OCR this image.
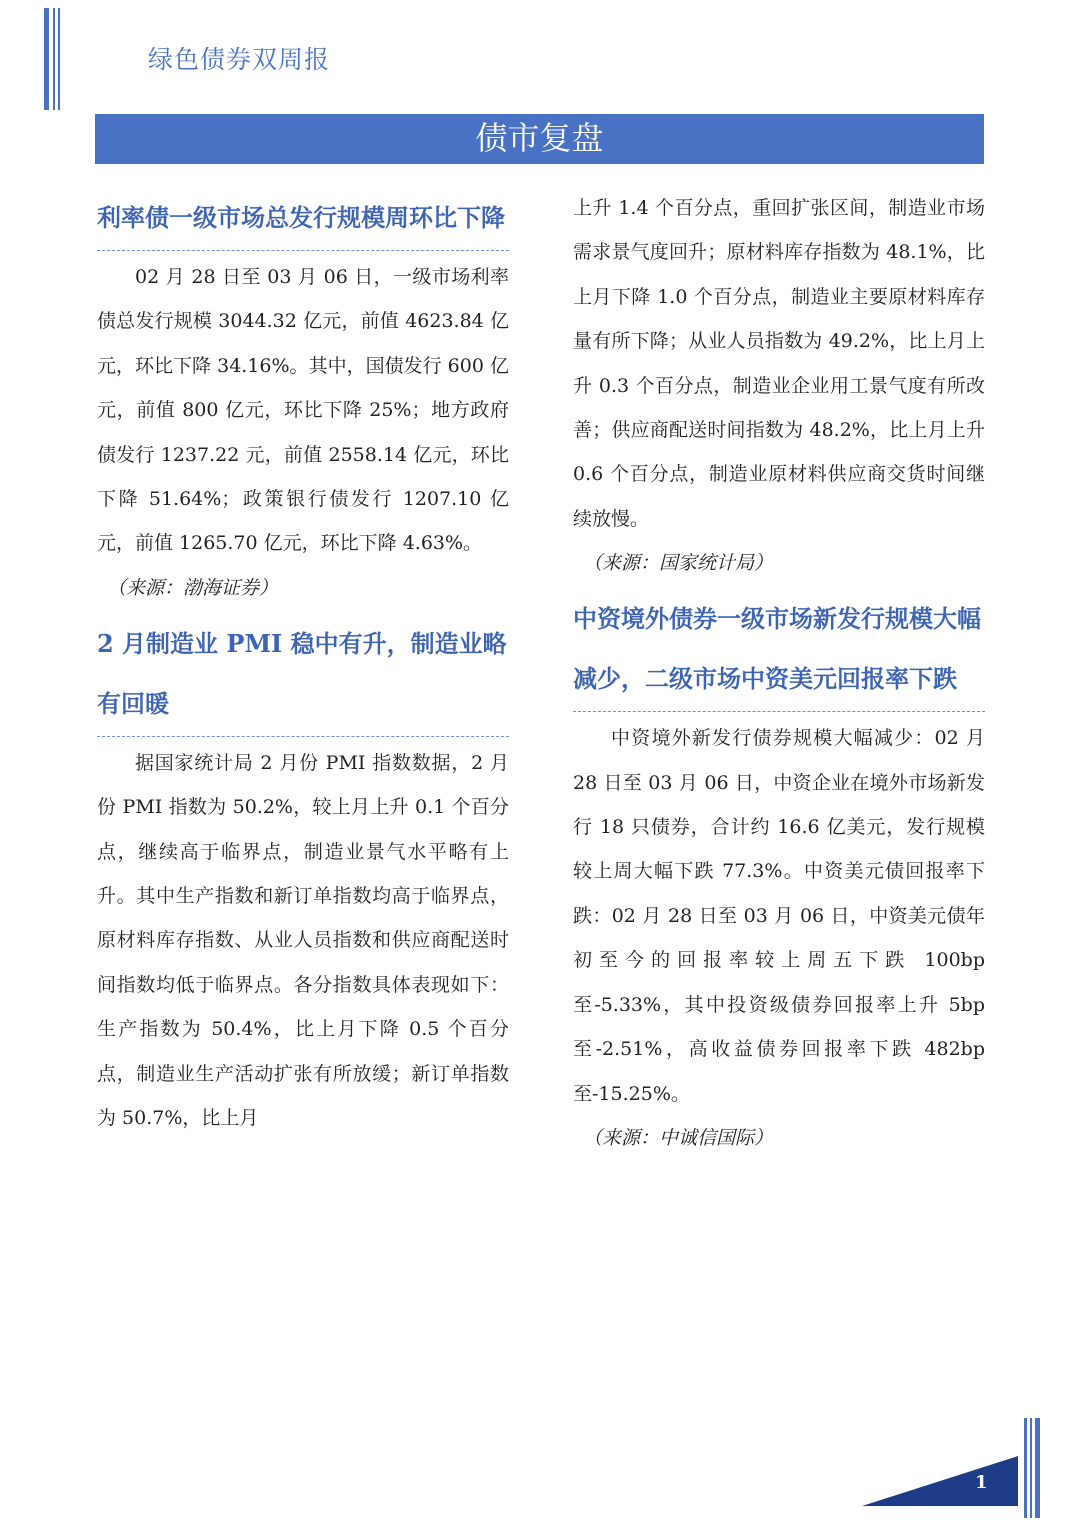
绿色债券双周报
债市复盘
利率债一级市场总发行规模周环比下降

02 月 28 日至 03 月 06 日，一级市场利率债总发行规模 3044.32 亿元，前值 4623.84 亿元，环比下降 34.16%。其中，国债发行 600 亿元，前值 800 亿元，环比下降 25%；地方政府债发行 1237.22 元，前值 2558.14 亿元，环比下降 51.64%；政策银行债发行 1207.10 亿元，前值 1265.70 亿元，环比下降 4.63%。

（来源：渤海证券）

2 月制造业 PMI 稳中有升，制造业略有回暖

据国家统计局 2 月份 PMI 指数数据，2 月份 PMI 指数为 50.2%，较上月上升 0.1 个百分点，继续高于临界点，制造业景气水平略有上升。其中生产指数和新订单指数均高于临界点，原材料库存指数、从业人员指数和供应商配送时间指数均低于临界点。各分指数具体表现如下：生产指数为 50.4%，比上月下降 0.5 个百分点，制造业生产活动扩张有所放缓；新订单指数为 50.7%，比上月

上升 1.4 个百分点，重回扩张区间，制造业市场需求景气度回升；原材料库存指数为 48.1%，比上月下降 1.0 个百分点，制造业主要原材料库存量有所下降；从业人员指数为 49.2%，比上月上升 0.3 个百分点，制造业企业用工景气度有所改善；供应商配送时间指数为 48.2%，比上月上升 0.6 个百分点，制造业原材料供应商交货时间继续放慢。

（来源：国家统计局）

中资境外债券一级市场新发行规模大幅减少，二级市场中资美元回报率下跌

中资境外新发行债券规模大幅减少：02 月 28 日至 03 月 06 日，中资企业在境外市场新发行 18 只债券，合计约 16.6 亿美元，发行规模较上周大幅下跌 77.3%。中资美元债回报率下跌：02 月 28 日至 03 月 06 日，中资美元债年初至今的回报率较上周五下跌 100bp 至-5.33%，其中投资级债券回报率上升 5bp 至-2.51%，高收益债券回报率下跌 482bp 至-15.25%。

（来源：中诚信国际）

1
